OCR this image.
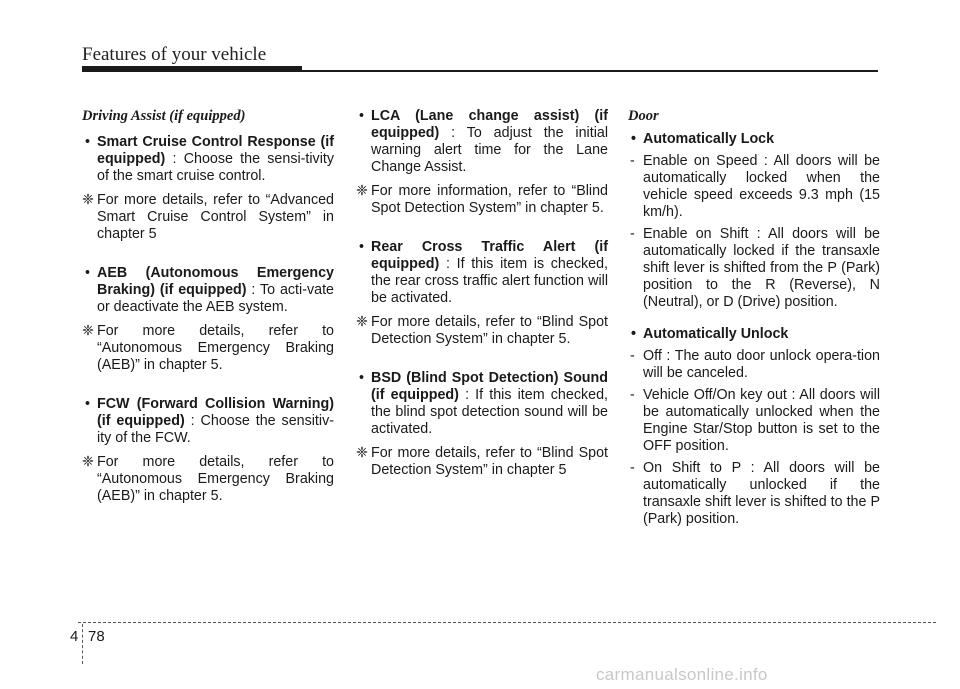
Features of your vehicle
Driving Assist (if equipped)
• Smart Cruise Control Response (if equipped) : Choose the sensi-tivity of the smart cruise control.
❈ For more details, refer to “Advanced Smart Cruise Control System” in chapter 5
• AEB (Autonomous Emergency Braking) (if equipped) : To acti-vate or deactivate the AEB system.
❈ For more details, refer to “Autonomous Emergency Braking (AEB)” in chapter 5.
• FCW (Forward Collision Warning) (if equipped) : Choose the sensitiv-ity of the FCW.
❈ For more details, refer to “Autonomous Emergency Braking (AEB)” in chapter 5.
• LCA (Lane change assist) (if equipped) : To adjust the initial warning alert time for the Lane Change Assist.
❈ For more information, refer to “Blind Spot Detection System” in chapter 5.
• Rear Cross Traffic Alert (if equipped) : If this item is checked, the rear cross traffic alert function will be activated.
❈ For more details, refer to “Blind Spot Detection System” in chapter 5.
• BSD (Blind Spot Detection) Sound (if equipped) : If this item checked, the blind spot detection sound will be activated.
❈ For more details, refer to “Blind Spot Detection System” in chapter 5
Door
• Automatically Lock
- Enable on Speed : All doors will be automatically locked when the vehicle speed exceeds 9.3 mph (15 km/h).
- Enable on Shift : All doors will be automatically locked if the transaxle shift lever is shifted from the P (Park) position to the R (Reverse), N (Neutral), or D (Drive) position.
• Automatically Unlock
- Off : The auto door unlock opera-tion will be canceled.
- Vehicle Off/On key out : All doors will be automatically unlocked when the Engine Star/Stop button is set to the OFF position.
- On Shift to P : All doors will be automatically unlocked if the transaxle shift lever is shifted to the P (Park) position.
4 78
carmanualsonline.info
